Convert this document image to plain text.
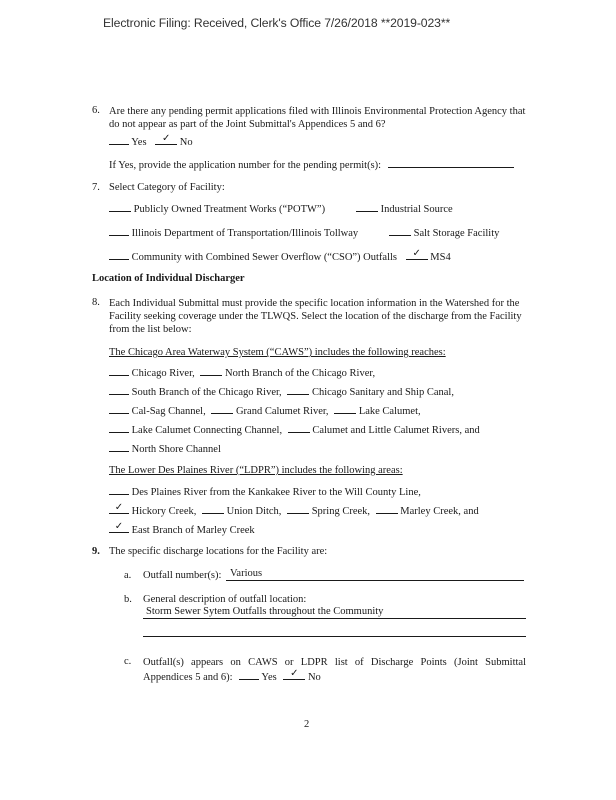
Electronic Filing: Received, Clerk's Office 7/26/2018 **2019-023**
6. Are there any pending permit applications filed with Illinois Environmental Protection Agency that do not appear as part of the Joint Submittal's Appendices 5 and 6?
Yes	✓ No
If Yes, provide the application number for the pending permit(s):
7. Select Category of Facility:
Publicly Owned Treatment Works (“POTW”)	Industrial Source
Illinois Department of Transportation/Illinois Tollway	Salt Storage Facility
Community with Combined Sewer Overflow (“CSO”) Outfalls	✓ MS4
Location of Individual Discharger
8. Each Individual Submittal must provide the specific location information in the Watershed for the Facility seeking coverage under the TLWQS. Select the location of the discharge from the Facility from the list below:
The Chicago Area Waterway System (“CAWS”) includes the following reaches:
Chicago River,	North Branch of the Chicago River,
South Branch of the Chicago River,	Chicago Sanitary and Ship Canal,
Cal-Sag Channel,	Grand Calumet River,	Lake Calumet,
Lake Calumet Connecting Channel,	Calumet and Little Calumet Rivers, and
North Shore Channel
The Lower Des Plaines River (“LDPR”) includes the following areas:
Des Plaines River from the Kankakee River to the Will County Line,
✓ Hickory Creek,	Union Ditch,	Spring Creek,	Marley Creek, and
✓ East Branch of Marley Creek
9. The specific discharge locations for the Facility are:
a. Outfall number(s): Various
b. General description of outfall location:
Storm Sewer Sytem Outfalls throughout the Community
c. Outfall(s) appears on CAWS or LDPR list of Discharge Points (Joint Submittal Appendices 5 and 6):	Yes	✓ No
2
